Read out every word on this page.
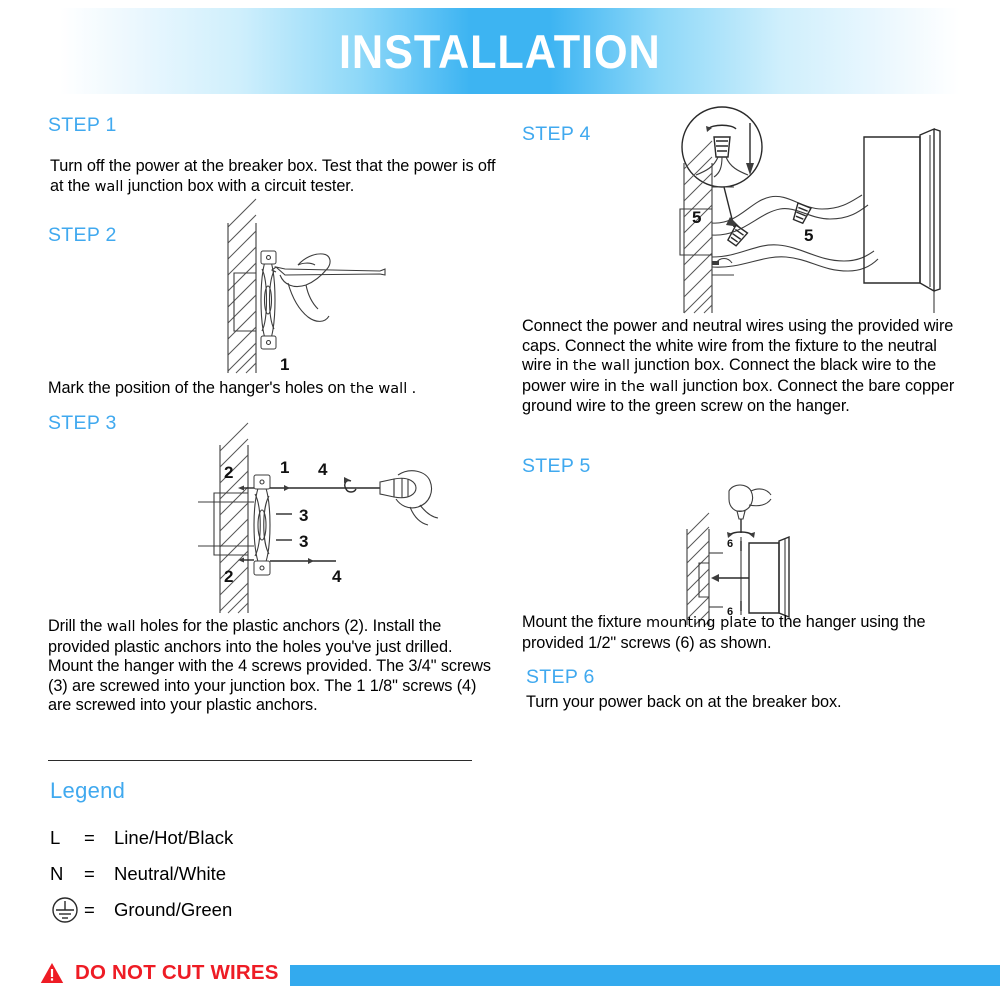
INSTALLATION
STEP 1
Turn off the power at the breaker box. Test that the power is off at the wall junction box with a circuit tester.
STEP 2
1
Mark the position of the hanger's holes on the wall .
STEP 3
1
2
2
3
3
4
4
Drill the wall holes for the plastic anchors (2). Install the provided plastic anchors into the holes you've just drilled. Mount the hanger with the 4 screws provided. The 3/4" screws (3) are screwed into your junction box. The 1 1/8" screws (4) are screwed into your plastic anchors.
Legend
L	=	Line/Hot/Black
N	=	Neutral/White
=	Ground/Green
STEP 4
5
5
Connect the power and neutral wires using the provided wire caps. Connect the white wire from the fixture to the neutral wire in the wall junction box. Connect the black wire to the power wire in the wall junction box. Connect the bare copper ground wire to the green screw on the hanger.
STEP 5
6
6
Mount the fixture mounting plate to the hanger using the provided 1/2" screws (6) as shown.
STEP 6
Turn your power back on at the breaker box.
DO NOT CUT WIRES
